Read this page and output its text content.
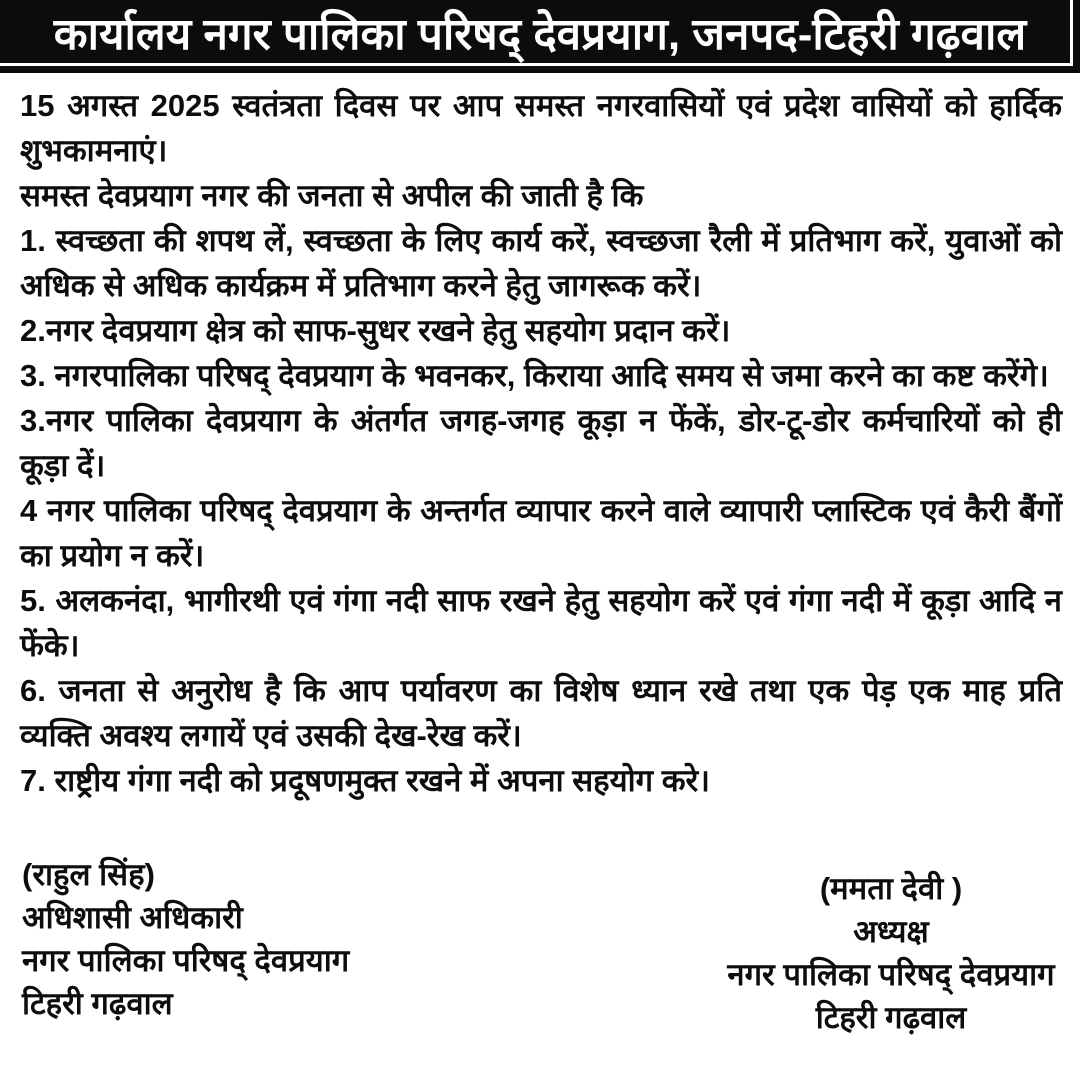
कार्यालय नगर पालिका परिषद् देवप्रयाग, जनपद-टिहरी गढ़वाल

15 अगस्त 2025 स्वतंत्रता दिवस पर आप समस्त नगरवासियों एवं प्रदेश वासियों को हार्दिक शुभकामनाएं।

समस्त देवप्रयाग नगर की जनता से अपील की जाती है कि

1. स्वच्छता की शपथ लें, स्वच्छता के लिए कार्य करें, स्वच्छजा रैली में प्रतिभाग करें, युवाओं को अधिक से अधिक कार्यक्रम में प्रतिभाग करने हेतु जागरूक करें।

2.नगर देवप्रयाग क्षेत्र को साफ-सुधर रखने हेतु सहयोग प्रदान करें।

3. नगरपालिका परिषद् देवप्रयाग के भवनकर, किराया आदि समय से जमा करने का कष्ट करेंगे।

3.नगर पालिका देवप्रयाग के अंतर्गत जगह-जगह कूड़ा न फेंकें, डोर-टू-डोर कर्मचारियों को ही कूड़ा दें।

4 नगर पालिका परिषद् देवप्रयाग के अन्तर्गत व्यापार करने वाले व्यापारी प्लास्टिक एवं कैरी बैंगों का प्रयोग न करें।

5. अलकनंदा, भागीरथी एवं गंगा नदी साफ रखने हेतु सहयोग करें एवं गंगा नदी में कूड़ा आदि न फेंके।

6. जनता से अनुरोध है कि आप पर्यावरण का विशेष ध्यान रखे तथा एक पेड़ एक माह प्रति व्यक्ति अवश्य लगायें एवं उसकी देख-रेख करें।

7. राष्ट्रीय गंगा नदी को प्रदूषणमुक्त रखने में अपना सहयोग करे।

(राहुल सिंह)

अधिशासी अधिकारी

नगर पालिका परिषद् देवप्रयाग

टिहरी गढ़वाल

(ममता देवी )

अध्यक्ष

नगर पालिका परिषद् देवप्रयाग

टिहरी गढ़वाल
